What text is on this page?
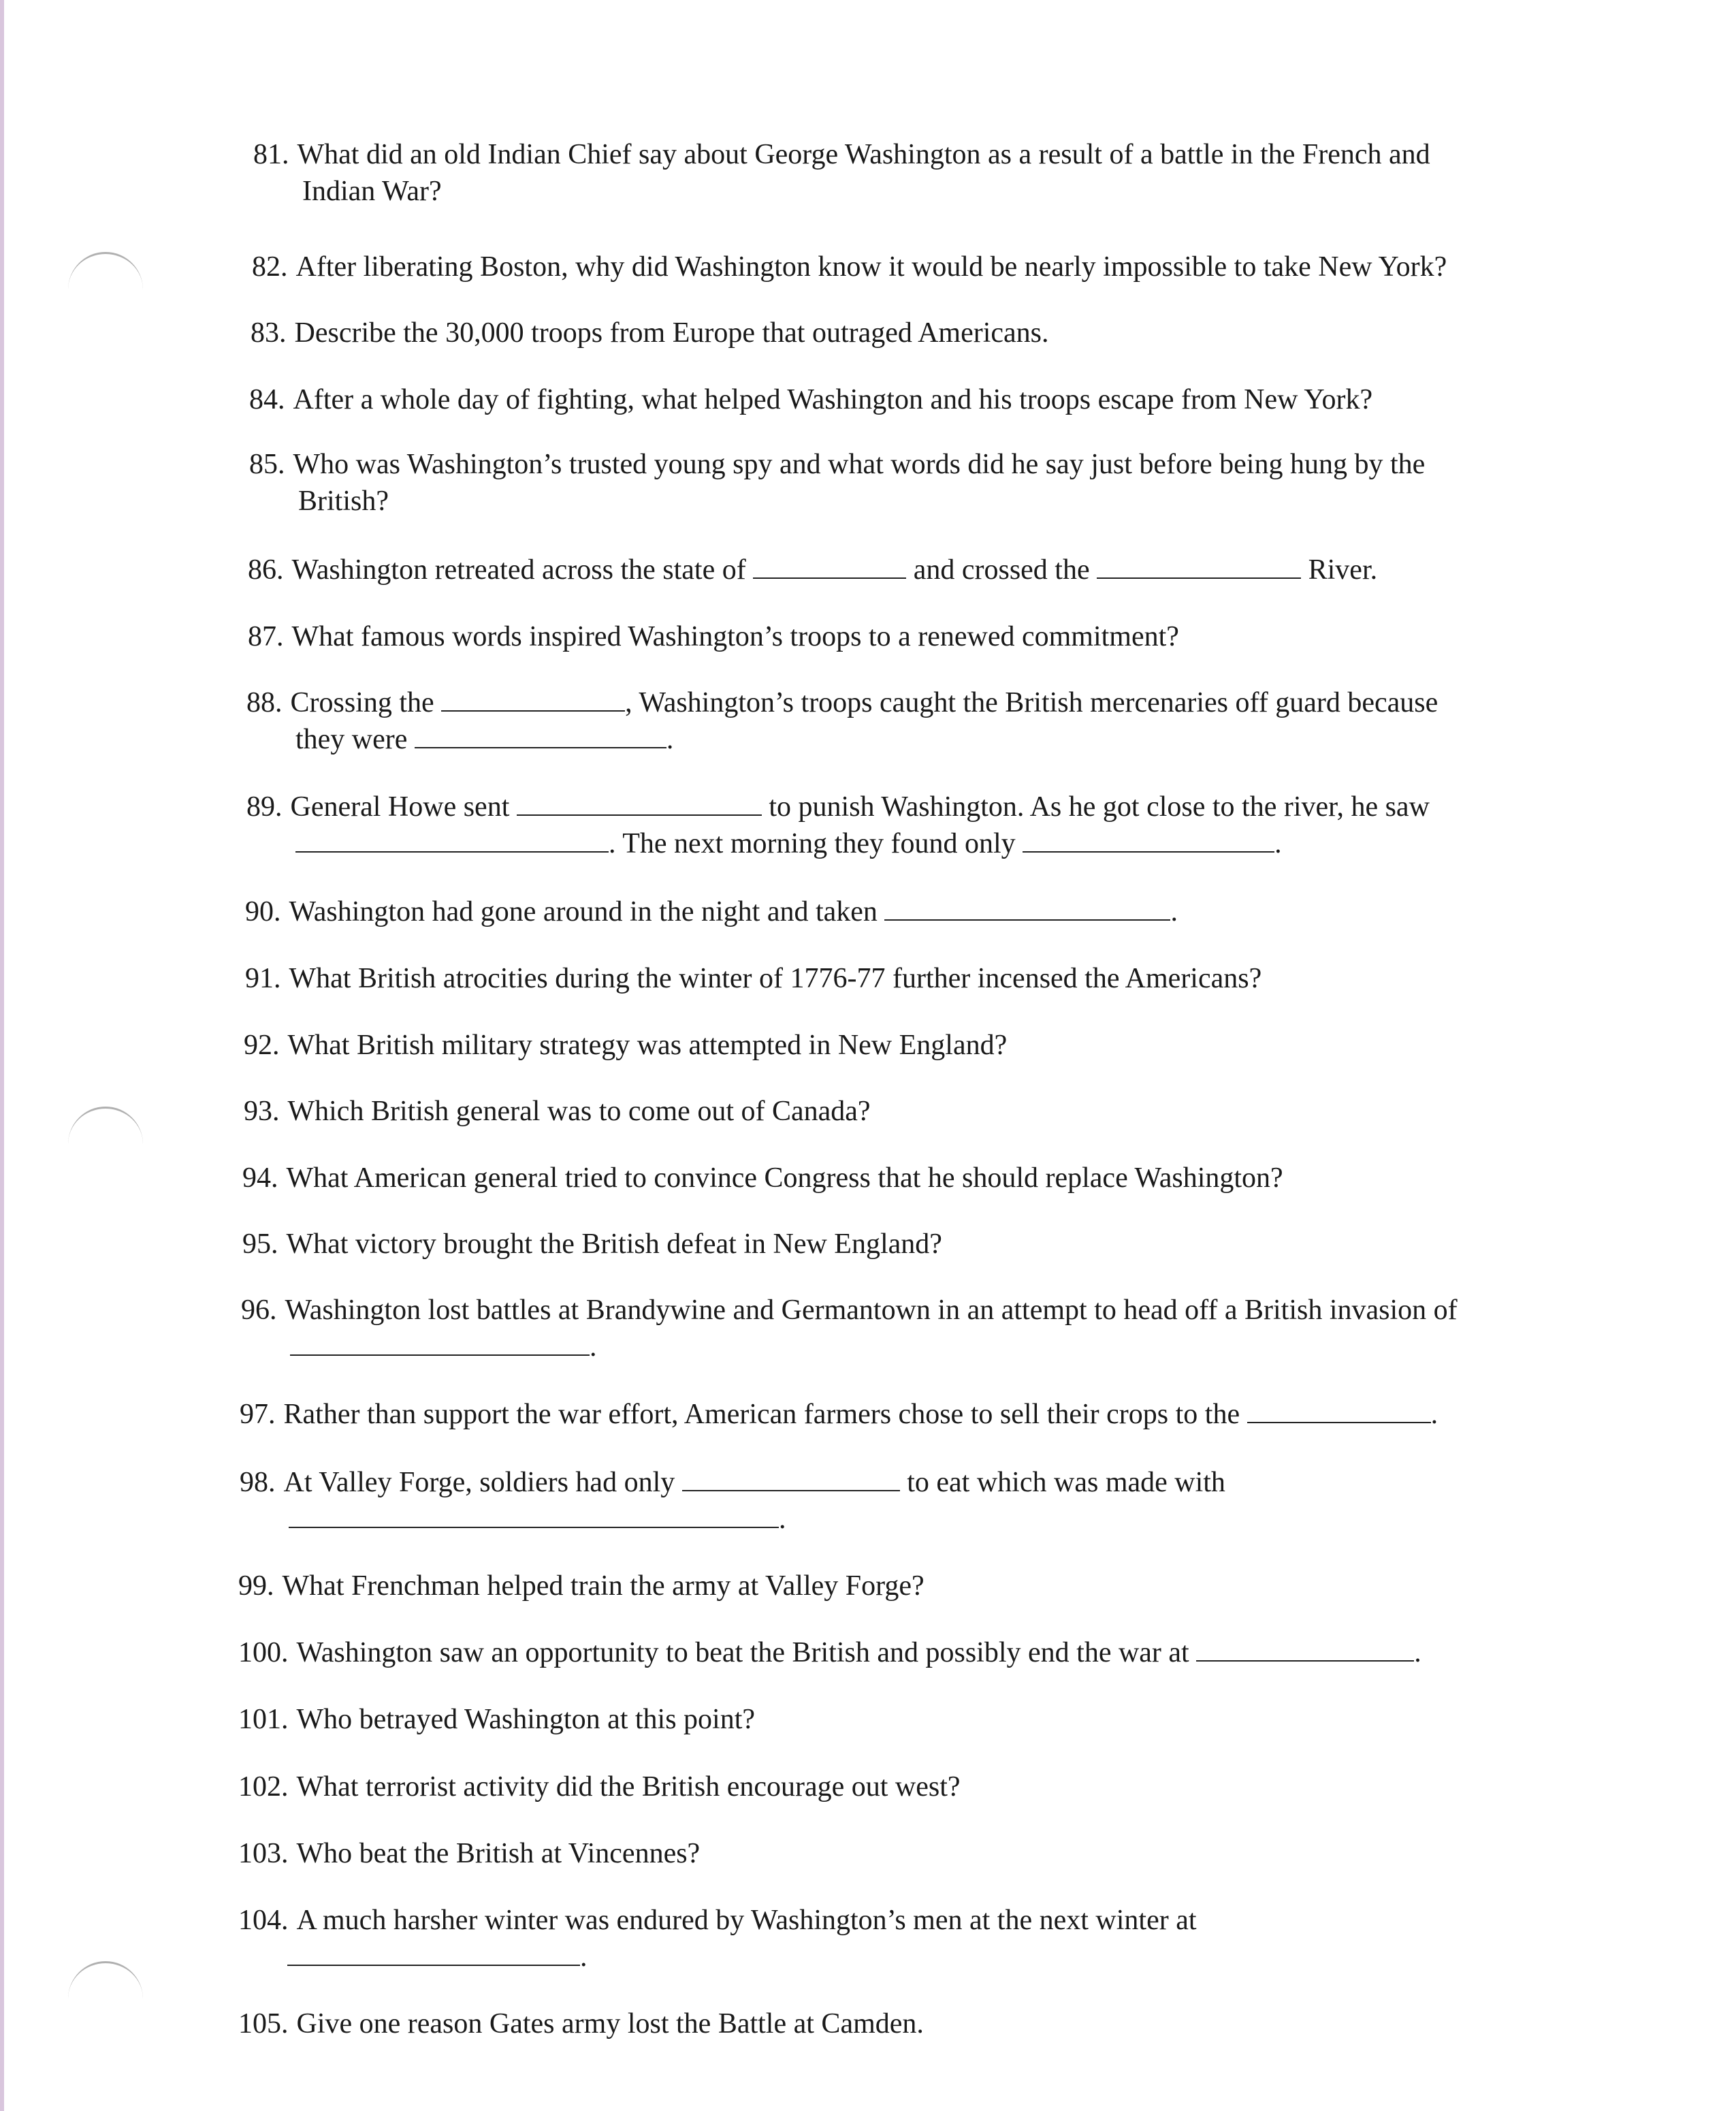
81. What did an old Indian Chief say about George Washington as a result of a battle in the French and
Indian War?
82. After liberating Boston, why did Washington know it would be nearly impossible to take New York?
83. Describe the 30,000 troops from Europe that outraged Americans.
84. After a whole day of fighting, what helped Washington and his troops escape from New York?
85. Who was Washington’s trusted young spy and what words did he say just before being hung by the
British?
86. Washington retreated across the state of	and crossed the	River.
87. What famous words inspired Washington’s troops to a renewed commitment?
88. Crossing the	, Washington’s troops caught the British mercenaries off guard because
they were	.
89. General Howe sent	to punish Washington. As he got close to the river, he saw
. The next morning they found only	.
90. Washington had gone around in the night and taken	.
91. What British atrocities during the winter of 1776-77 further incensed the Americans?
92. What British military strategy was attempted in New England?
93. Which British general was to come out of Canada?
94. What American general tried to convince Congress that he should replace Washington?
95. What victory brought the British defeat in New England?
96. Washington lost battles at Brandywine and Germantown in an attempt to head off a British invasion of
.
97. Rather than support the war effort, American farmers chose to sell their crops to the	.
98. At Valley Forge, soldiers had only	to eat which was made with
.
99. What Frenchman helped train the army at Valley Forge?
100. Washington saw an opportunity to beat the British and possibly end the war at	.
101. Who betrayed Washington at this point?
102. What terrorist activity did the British encourage out west?
103. Who beat the British at Vincennes?
104. A much harsher winter was endured by Washington’s men at the next winter at
.
105. Give one reason Gates army lost the Battle at Camden.
